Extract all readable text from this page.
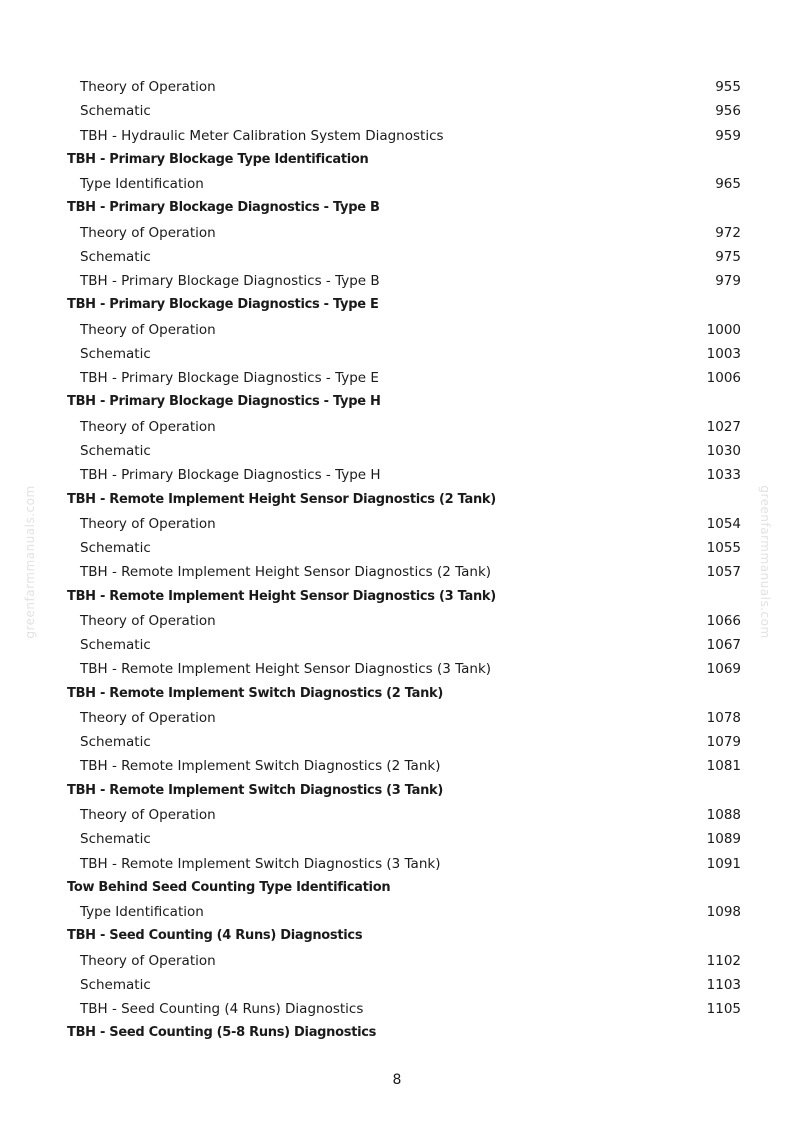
greenfarmmanuals.com	greenfarmmanuals.com
Theory of Operation	955
Schematic	956
TBH - Hydraulic Meter Calibration System Diagnostics	959
TBH - Primary Blockage Type Identification
Type Identification	965
TBH - Primary Blockage Diagnostics - Type B
Theory of Operation	972
Schematic	975
TBH - Primary Blockage Diagnostics - Type B	979
TBH - Primary Blockage Diagnostics - Type E
Theory of Operation	1000
Schematic	1003
TBH - Primary Blockage Diagnostics - Type E	1006
TBH - Primary Blockage Diagnostics - Type H
Theory of Operation	1027
Schematic	1030
TBH - Primary Blockage Diagnostics - Type H	1033
TBH - Remote Implement Height Sensor Diagnostics (2 Tank)
Theory of Operation	1054
Schematic	1055
TBH - Remote Implement Height Sensor Diagnostics (2 Tank)	1057
TBH - Remote Implement Height Sensor Diagnostics (3 Tank)
Theory of Operation	1066
Schematic	1067
TBH - Remote Implement Height Sensor Diagnostics (3 Tank)	1069
TBH - Remote Implement Switch Diagnostics (2 Tank)
Theory of Operation	1078
Schematic	1079
TBH - Remote Implement Switch Diagnostics (2 Tank)	1081
TBH - Remote Implement Switch Diagnostics (3 Tank)
Theory of Operation	1088
Schematic	1089
TBH - Remote Implement Switch Diagnostics (3 Tank)	1091
Tow Behind Seed Counting Type Identification
Type Identification	1098
TBH - Seed Counting (4 Runs) Diagnostics
Theory of Operation	1102
Schematic	1103
TBH - Seed Counting (4 Runs) Diagnostics	1105
TBH - Seed Counting (5-8 Runs) Diagnostics
8
